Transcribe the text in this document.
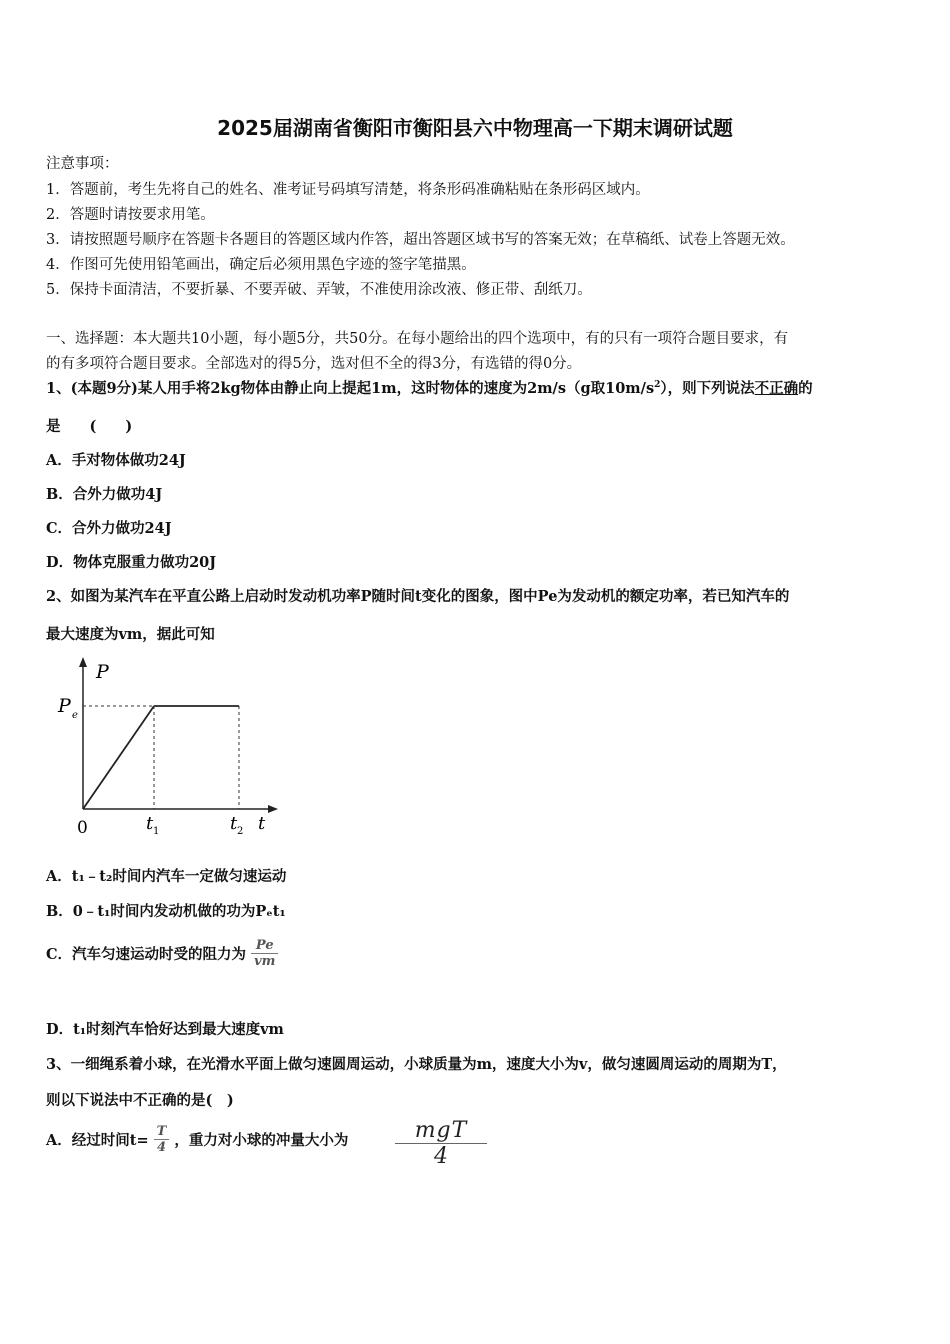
2025届湖南省衡阳市衡阳县六中物理高一下期末调研试题
注意事项：
1．答题前，考生先将自己的姓名、准考证号码填写清楚，将条形码准确粘贴在条形码区域内。
2．答题时请按要求用笔。
3．请按照题号顺序在答题卡各题目的答题区域内作答，超出答题区域书写的答案无效；在草稿纸、试卷上答题无效。
4．作图可先使用铅笔画出，确定后必须用黑色字迹的签字笔描黑。
5．保持卡面清洁，不要折暴、不要弄破、弄皱，不准使用涂改液、修正带、刮纸刀。
一、选择题：本大题共10小题，每小题5分，共50分。在每小题给出的四个选项中，有的只有一项符合题目要求，有
的有多项符合题目要求。全部选对的得5分，选对但不全的得3分，有选错的得0分。
1、(本题9分)某人用手将2kg物体由静止向上提起1m，这时物体的速度为2m/s（g取$10m/s^2$），则下列说法不正确的
是　　(　　)
A．手对物体做功24J
B．合外力做功4J
C．合外力做功24J
D．物体克服重力做功20J
2、如图为某汽车在平直公路上启动时发动机功率P随时间t变化的图象，图中Pe为发动机的额定功率，若已知汽车的
最大速度为vm，据此可知
P
P e
0	t 1	t 2 t
A．t₁﹣t₂时间内汽车一定做匀速运动
B．0﹣t₁时间内发动机做的功为Pₑt₁
C．汽车匀速运动时受的阻力为 $\frac{Pe}{vm}$
D．t₁时刻汽车恰好达到最大速度vm
3、一细绳系着小球，在光滑水平面上做匀速圆周运动，小球质量为m，速度大小为v，做匀速圆周运动的周期为T，
则以下说法中不正确的是(　)
A．经过时间$t= \frac{T}{4}$ ，重力对小球的冲量大小为	mgT
4
